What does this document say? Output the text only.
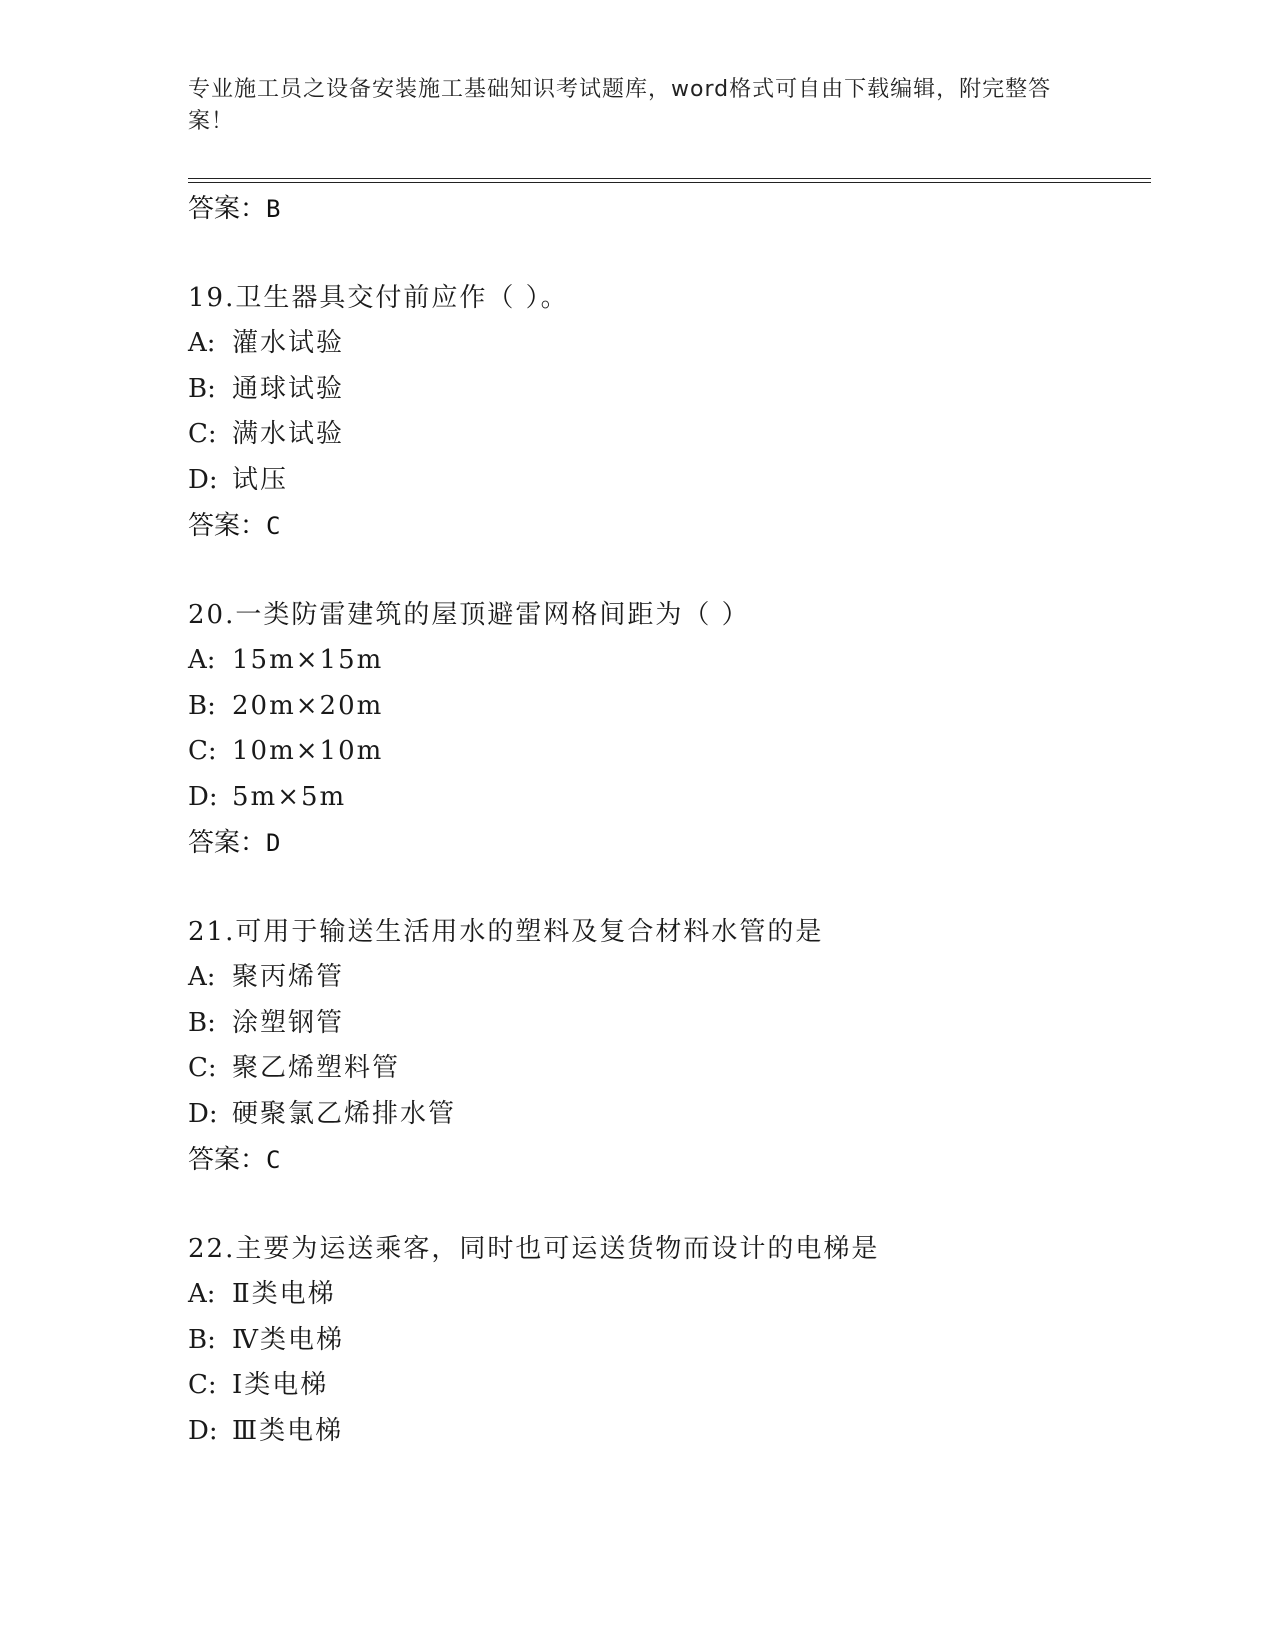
专业施工员之设备安装施工基础知识考试题库，word格式可自由下载编辑，附完整答案！
答案：B
19.卫生器具交付前应作（ ）。
A: 灌水试验
B: 通球试验
C: 满水试验
D: 试压
答案：C
20.一类防雷建筑的屋顶避雷网格间距为（ ）
A: 15m×15m
B: 20m×20m
C: 10m×10m
D: 5m×5m
答案：D
21.可用于输送生活用水的塑料及复合材料水管的是
A: 聚丙烯管
B: 涂塑钢管
C: 聚乙烯塑料管
D: 硬聚氯乙烯排水管
答案：C
22.主要为运送乘客，同时也可运送货物而设计的电梯是
A: Ⅱ类电梯
B: Ⅳ类电梯
C: Ⅰ类电梯
D: Ⅲ类电梯
